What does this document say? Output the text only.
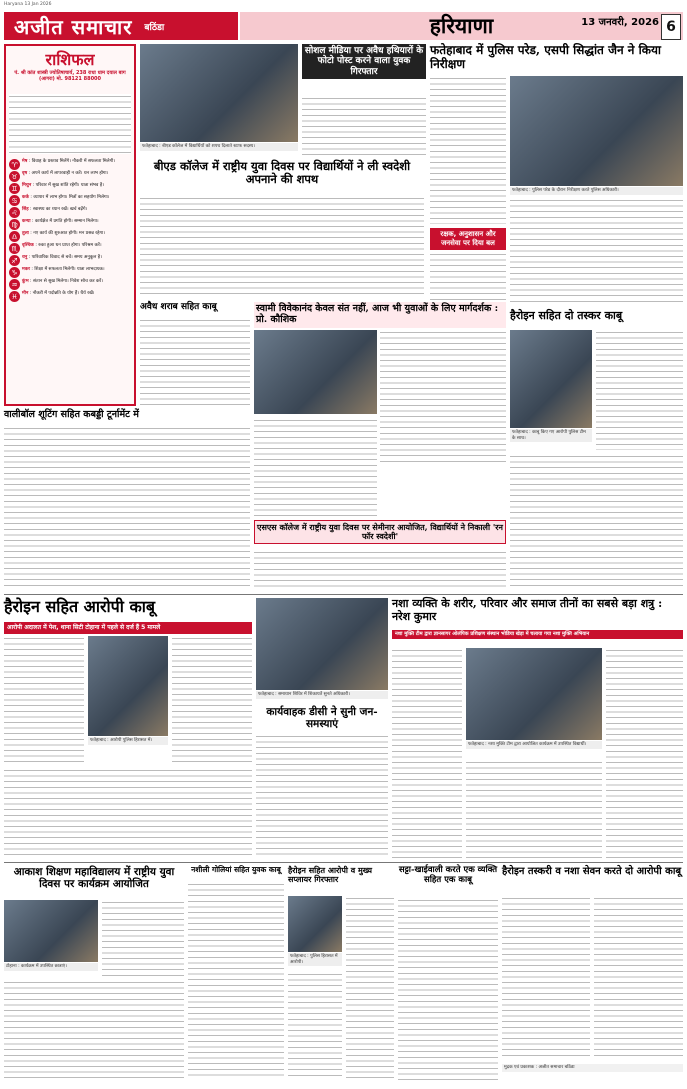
Haryana 13 Jan 2026
अजीत समाचार बठिंडा	हरियाणा	13 जनवरी, 2026 6
राशिफल
पं. श्री कांत शास्त्री ज्योतिषाचार्य, 238 राधा धाम दयाल बाग (आगरा) मो. 98121 88000
♈ मेष : विवाह के प्रस्ताव मिलेंगे। नौकरी में सफलता मिलेगी।
♉ वृष : अपने कार्य में लापरवाही न करें। धन लाभ होगा।
♊ मिथुन : परिवार में सुख शांति रहेगी। यात्रा संभव है।
♋ कर्क : व्यापार में लाभ होगा। मित्रों का सहयोग मिलेगा।
♌ सिंह : स्वास्थ्य का ध्यान रखें। खर्च बढ़ेंगे।
♍ कन्या : कार्यक्षेत्र में प्रगति होगी। सम्मान मिलेगा।
♎ तुला : नए कार्य की शुरुआत होगी। मन प्रसन्न रहेगा।
♏ वृश्चिक : रुका हुआ धन प्राप्त होगा। परिश्रम करें।
♐ धनु : पारिवारिक विवाद से बचें। समय अनुकूल है।
♑ मकर : शिक्षा में सफलता मिलेगी। यात्रा लाभदायक।
♒ कुंभ : संतान से सुख मिलेगा। निवेश सोच कर करें।
♓ मीन : नौकरी में पदोन्नति के योग हैं। धैर्य रखें।
फतेहाबाद : बीएड कॉलेज में विद्यार्थियों को शपथ दिलाते स्टाफ सदस्य।
बीएड कॉलेज में राष्ट्रीय युवा दिवस पर विद्यार्थियों ने ली स्वदेशी अपनाने की शपथ
सोशल मीडिया पर अवैध हथियारों के फोटो पोस्ट करने वाला युवक गिरफ्तार
फतेहाबाद में पुलिस परेड, एसपी सिद्धांत जैन ने किया निरीक्षण
फतेहाबाद : पुलिस परेड के दौरान निरीक्षण करते पुलिस अधिकारी।
रक्षक, अनुशासन और जनसेवा पर दिया बल
अवैध शराब सहित काबू	स्वामी विवेकानंद केवल संत नहीं, आज भी युवाओं के लिए मार्गदर्शक : प्रो. कौशिक
एसएस कॉलेज में राष्ट्रीय युवा दिवस पर सेमीनार आयोजित, विद्यार्थियों ने निकाली 'रन फॉर स्वदेशी'
हैरोइन सहित दो तस्कर काबू
फतेहाबाद : काबू किए गए आरोपी पुलिस टीम के साथ।
वालीबॉल शूटिंग सहित कबड्डी टूर्नामेंट में
हैरोइन सहित आरोपी काबू
आरोपी अदालत में पेश, थाना सिटी टोहाना में पहले से दर्ज हैं 5 मामले
फतेहाबाद : आरोपी पुलिस हिरासत में।
फतेहाबाद : समाधान शिविर में शिकायतें सुनते अधिकारी।
कार्यवाहक डीसी ने सुनी जन-समस्याएं
नशा व्यक्ति के शरीर, परिवार और समाज तीनों का सबसे बड़ा शत्रु : नरेश कुमार
नशा मुक्ति टीम द्वारा ज्ञानसागर ओलंपिक प्रशिक्षण संस्थान भोडिया खेड़ा में चलाया गया नशा मुक्ति अभियान
फतेहाबाद : नशा मुक्ति टीम द्वारा आयोजित कार्यक्रम में उपस्थित विद्यार्थी।
आकाश शिक्षण महाविद्यालय में राष्ट्रीय युवा दिवस पर कार्यक्रम आयोजित
टोहाना : कार्यक्रम में उपस्थित छात्राएं।
नशीली गोलियां सहित युवक काबू हैरोइन सहित आरोपी व मुख्य सप्लायर गिरफ्तार
फतेहाबाद : पुलिस हिरासत में आरोपी।
सट्टा-खाईवाली करते एक व्यक्ति सहित एक काबू
हैरोइन तस्करी व नशा सेवन करते दो आरोपी काबू
मुद्रक एवं प्रकाशक : अजीत समाचार बठिंडा
